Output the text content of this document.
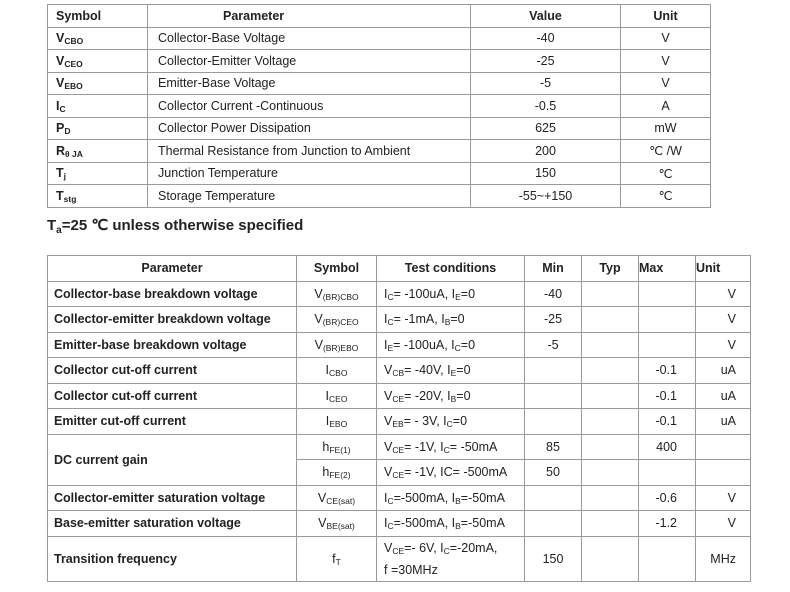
Symbol	Parameter	Value	Unit
$V_{CBO}$	Collector-Base Voltage	-40	V
$V_{CEO}$	Collector-Emitter Voltage	-25	V
$V_{EBO}$	Emitter-Base Voltage	-5	V
$I_C$	Collector Current -Continuous	-0.5	A
$P_D$	Collector Power Dissipation	625	mW
$R_{\theta JA}$	Thermal Resistance from Junction to Ambient	200	℃ /W
$T_j$	Junction Temperature	150	℃
$T_{stg}$	Storage Temperature	-55~+150	℃
$T_a=25$ ℃ unless otherwise specified
Parameter	Symbol	Test conditions	Min	Typ	Max	Unit
Collector-base breakdown voltage	$V_{(BR)CBO}$	$I_C= -100uA$, $I_E=0$	-40			V
Collector-emitter breakdown voltage	$V_{(BR)CEO}$	$I_C= -1mA$, $I_B=0$	-25			V
Emitter-base breakdown voltage	$V_{(BR)EBO}$	$I_E= -100uA$, $I_C=0$	-5			V
Collector cut-off current	$I_{CBO}$	$V_{CB}= -40V$, $I_E=0$			-0.1	uA
Collector cut-off current	$I_{CEO}$	$V_{CE}= -20V$, $I_B=0$			-0.1	uA
Emitter cut-off current	$I_{EBO}$	$V_{EB}= - 3V$, $I_C=0$			-0.1	uA
DC current gain	$h_{FE(1)}$	$V_{CE}= -1V$, $I_C= -50mA$	85		400	
	$h_{FE(2)}$	$V_{CE}= -1V$, IC= -500mA	50			
Collector-emitter saturation voltage	$V_{CE(sat)}$	$I_C=-500mA$, $I_B=-50mA$			-0.6	V
Base-emitter saturation voltage	$V_{BE(sat)}$	$I_C=-500mA$, $I_B=-50mA$			-1.2	V
Transition frequency	$f_T$	$V_{CE}=-$ 6V, $I_C=-20mA$,
f =30MHz	150			MHz
